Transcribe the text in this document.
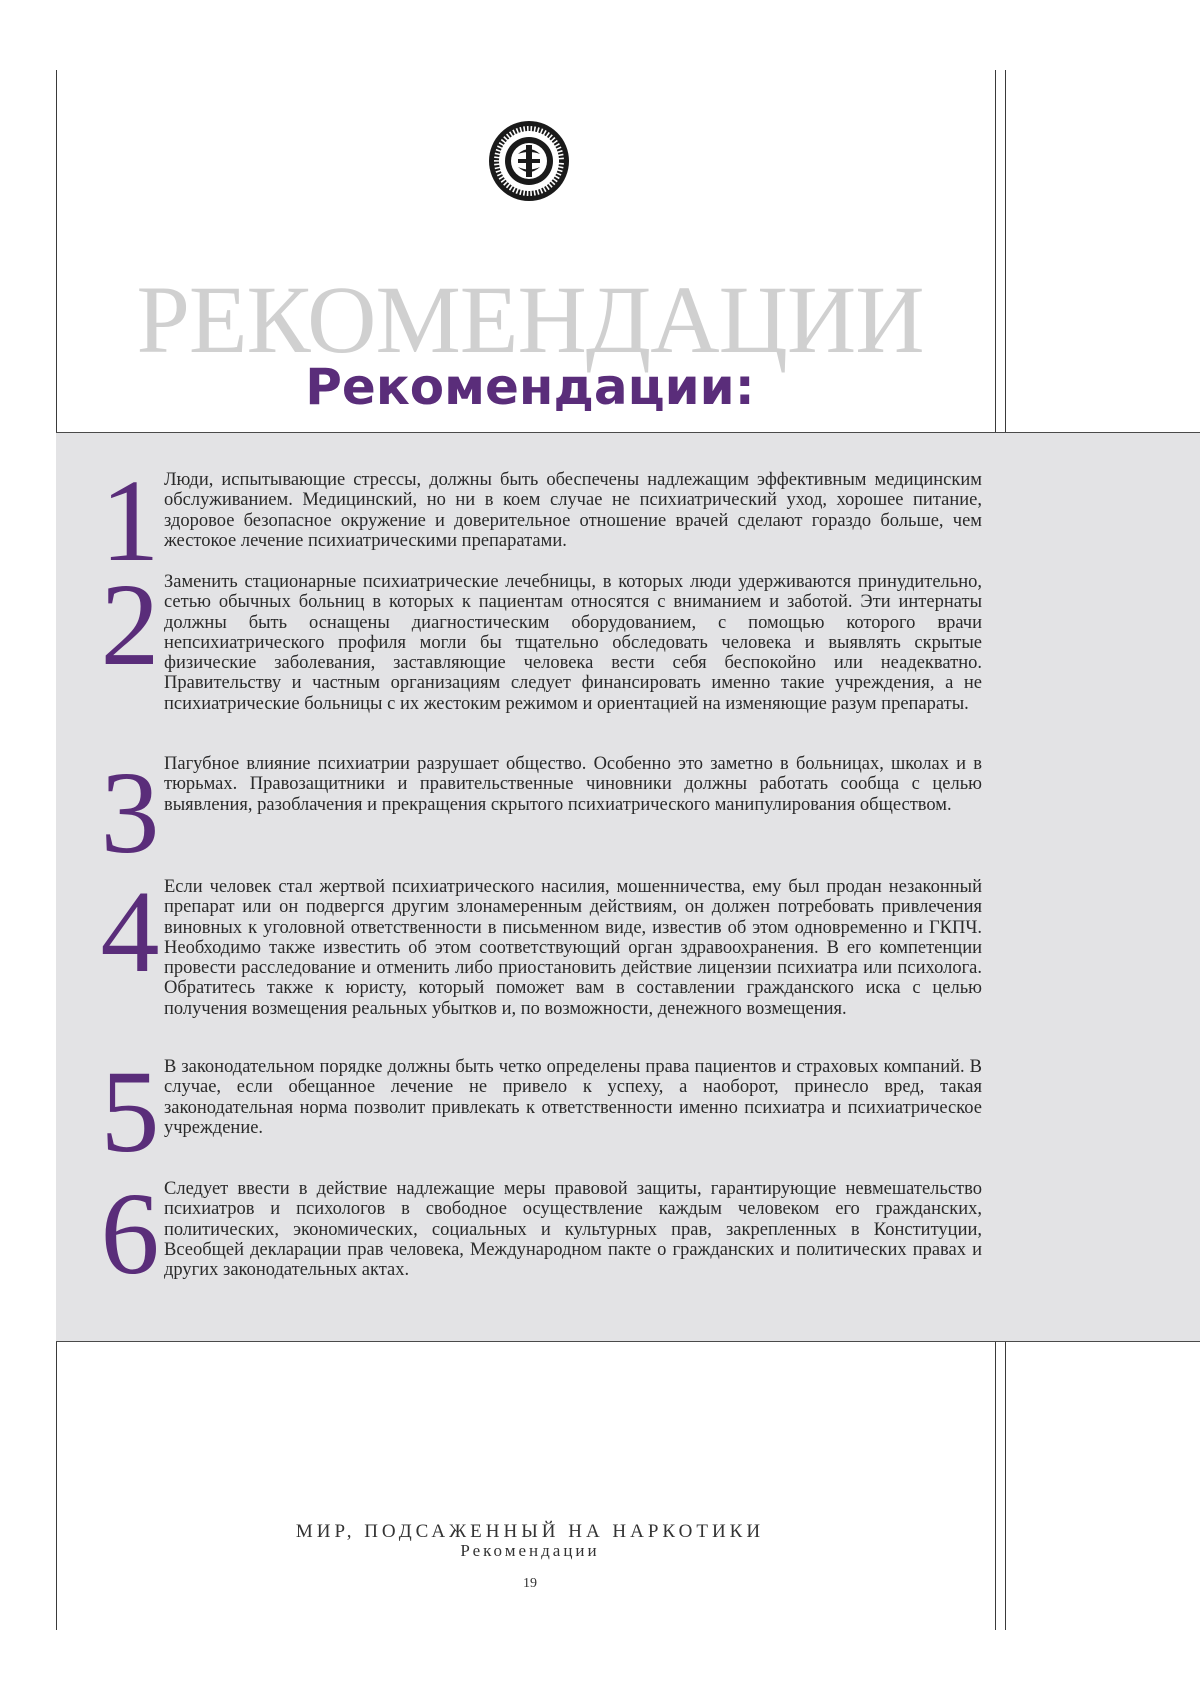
РЕКОМЕНДАЦИИ
Рекомендации:
1 Люди, испытывающие стрессы, должны быть обеспечены надлежащим эффективным медицинским обслуживанием. Медицинский, но ни в коем случае не психиатрический уход, хорошее питание, здоровое безопасное окружение и доверительное отношение врачей сделают гораздо больше, чем жестокое лечение психиатрическими препаратами.

2 Заменить стационарные психиатрические лечебницы, в которых люди удерживаются принудительно, сетью обычных больниц в которых к пациентам относятся с вниманием и заботой. Эти интернаты должны быть оснащены диагностическим оборудованием, с помощью которого врачи непсихиатрического профиля могли бы тщательно обследовать человека и выявлять скрытые физические заболевания, заставляющие человека вести себя беспокойно или неадекватно. Правительству и частным организациям следует финансировать именно такие учреждения, а не психиатрические больницы с их жестоким режимом и ориентацией на изменяющие разум препараты.

3 Пагубное влияние психиатрии разрушает общество. Особенно это заметно в больницах, школах и в тюрьмах. Правозащитники и правительственные чиновники должны работать сообща с целью выявления, разоблачения и прекращения скрытого психиатрического манипулирования обществом.

4 Если человек стал жертвой психиатрического насилия, мошенничества, ему был продан незаконный препарат или он подвергся другим злонамеренным действиям, он должен потребовать привлечения виновных к уголовной ответственности в письменном виде, известив об этом одновременно и ГКПЧ. Необходимо также известить об этом соответствующий орган здравоохранения. В его компетенции провести расследование и отменить либо приостановить действие лицензии психиатра или психолога. Обратитесь также к юристу, который поможет вам в составлении гражданского иска с целью получения возмещения реальных убытков и, по возможности, денежного возмещения.

5 В законодательном порядке должны быть четко определены права пациентов и страховых компаний. В случае, если обещанное лечение не привело к успеху, а наоборот, принесло вред, такая законодательная норма позволит привлекать к ответственности именно психиатра и психиатрическое учреждение.

6 Следует ввести в действие надлежащие меры правовой защиты, гарантирующие невмешательство психиатров и психологов в свободное осуществление каждым человеком его гражданских, политических, экономических, социальных и культурных прав, закрепленных в Конституции, Всеобщей декларации прав человека, Международном пакте о гражданских и политических правах и других законодательных актах.

МИР, ПОДСАЖЕННЫЙ НА НАРКОТИКИ
Рекомендации
19
